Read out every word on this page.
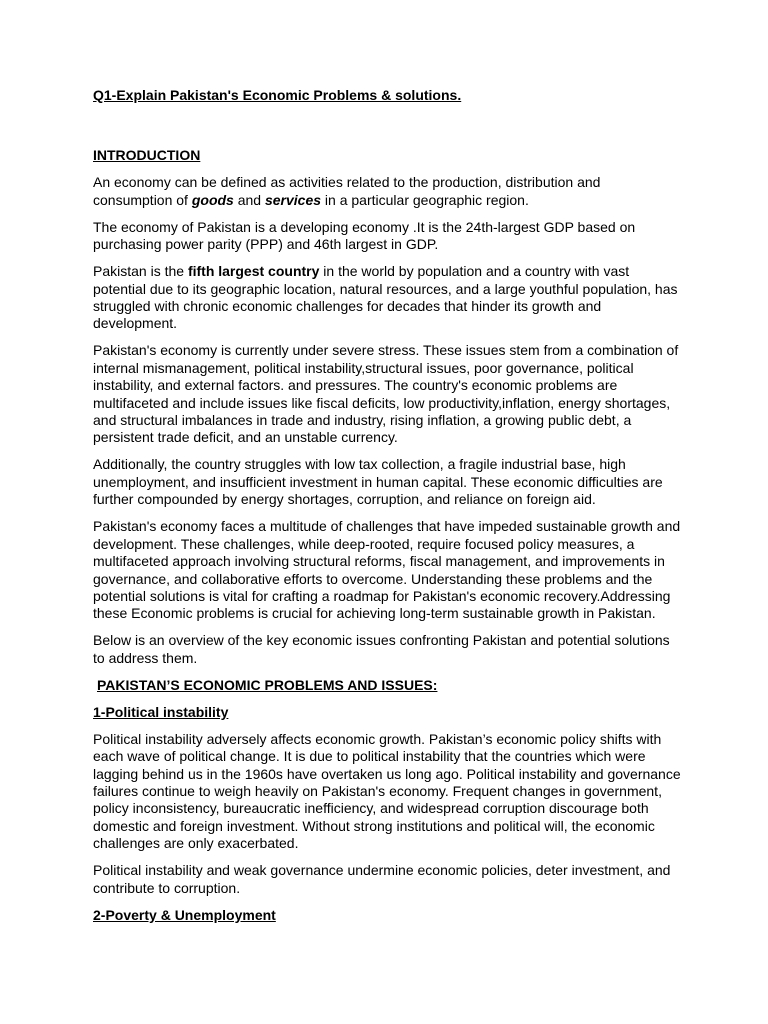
Q1-Explain Pakistan's Economic Problems & solutions.

INTRODUCTION

An economy can be defined as activities related to the production, distribution and consumption of goods and services in a particular geographic region.

The economy of Pakistan is a developing economy .It is the 24th-largest GDP based on purchasing power parity (PPP) and 46th largest in GDP.

Pakistan is the fifth largest country in the world by population and a country with vast potential due to its geographic location, natural resources, and a large youthful population, has struggled with chronic economic challenges for decades that hinder its growth and development.

Pakistan's economy is currently under severe stress. These issues stem from a combination of internal mismanagement, political instability,structural issues, poor governance, political instability, and external factors. and pressures. The country's economic problems are multifaceted and include issues like fiscal deficits, low productivity,inflation, energy shortages, and structural imbalances in trade and industry, rising inflation, a growing public debt, a persistent trade deficit, and an unstable currency.

Additionally, the country struggles with low tax collection, a fragile industrial base, high unemployment, and insufficient investment in human capital. These economic difficulties are further compounded by energy shortages, corruption, and reliance on foreign aid.

Pakistan's economy faces a multitude of challenges that have impeded sustainable growth and development. These challenges, while deep-rooted, require focused policy measures, a multifaceted approach involving structural reforms, fiscal management, and improvements in governance, and collaborative efforts to overcome. Understanding these problems and the potential solutions is vital for crafting a roadmap for Pakistan's economic recovery.Addressing these Economic problems is crucial for achieving long-term sustainable growth in Pakistan.

Below is an overview of the key economic issues confronting Pakistan and potential solutions to address them.

PAKISTAN’S ECONOMIC PROBLEMS AND ISSUES:

1-Political instability

Political instability adversely affects economic growth. Pakistan’s economic policy shifts with each wave of political change. It is due to political instability that the countries which were lagging behind us in the 1960s have overtaken us long ago. Political instability and governance failures continue to weigh heavily on Pakistan's economy. Frequent changes in government, policy inconsistency, bureaucratic inefficiency, and widespread corruption discourage both domestic and foreign investment. Without strong institutions and political will, the economic challenges are only exacerbated.

Political instability and weak governance undermine economic policies, deter investment, and contribute to corruption.

2-Poverty & Unemployment
